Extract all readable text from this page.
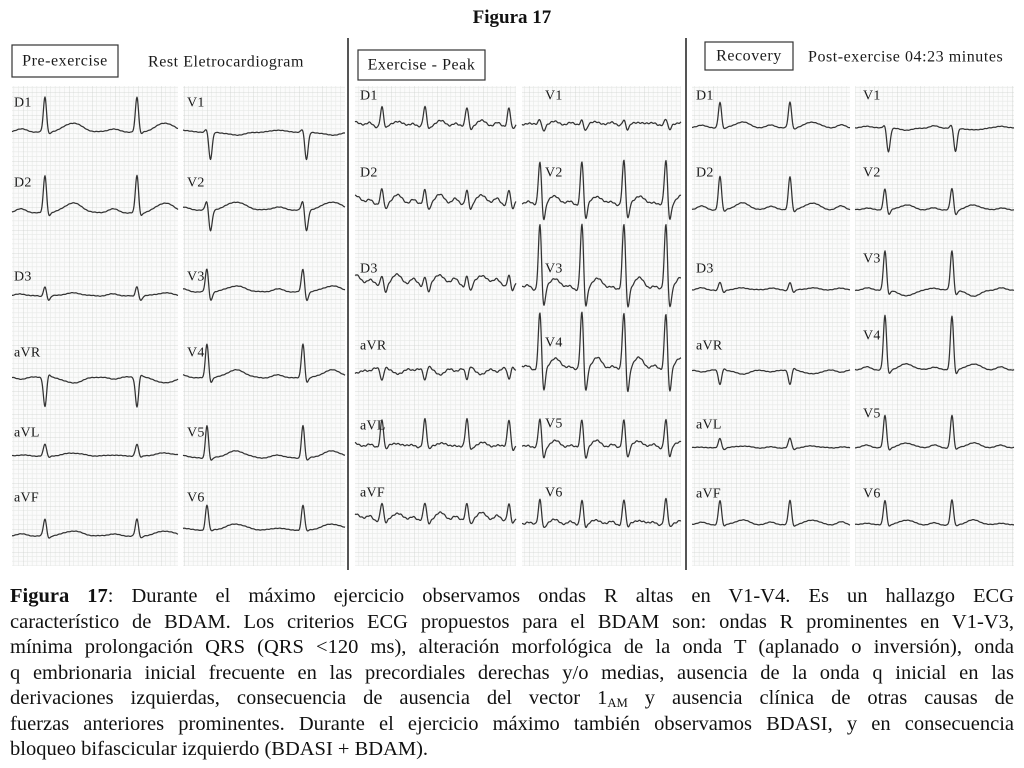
D1
D2
D3
aVR
aVL
aVF
V1
V2
V3
V4
V5
V6
Pre-exercise	Rest Eletrocardiogram
D1
D2
D3
aVR
aVL
aVF
V1
V2
V3
V4
V5
V6
Exercise - Peak
D1
D2
D3
aVR
aVL
aVF
V1
V2
V3
V4
V5
V6
Recovery Post-exercise 04:23 minutes
Figura 17
Figura 17: Durante el máximo ejercicio observamos ondas R altas en V1-V4. Es un hallazgo ECG
característico de BDAM. Los criterios ECG propuestos para el BDAM son: ondas R prominentes en V1-V3,
mínima prolongación QRS (QRS <120 ms), alteración morfológica de la onda T (aplanado o inversión), onda
q embrionaria inicial frecuente en las precordiales derechas y/o medias, ausencia de la onda q inicial en las
derivaciones izquierdas, consecuencia de ausencia del vector $1_{AM}$ y ausencia clínica de otras causas de
fuerzas anteriores prominentes. Durante el ejercicio máximo también observamos BDASI, y en consecuencia
bloqueo bifascicular izquierdo (BDASI + BDAM).
